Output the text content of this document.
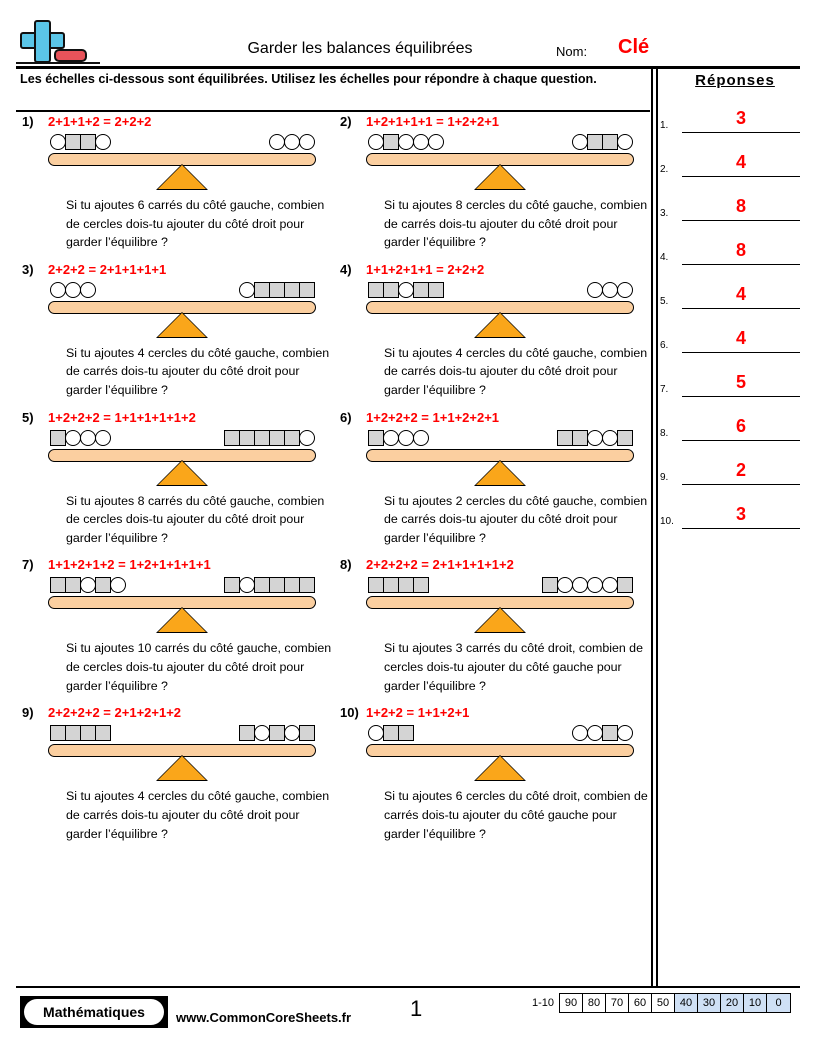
Garder les balances équilibrées	Nom: Clé
Les échelles ci-dessous sont équilibrées. Utilisez les échelles pour répondre à chaque question.	Réponses
1.	3
2.	4
3.	8
4.	8
5.	4
6.	4
7.	5
8.	6
9.	2
10.	3
1)	2+1+1+2 = 2+2+2
Si tu ajoutes 6 carrés du côté gauche, combien de cercles dois-tu ajouter du côté droit pour garder l’équilibre ?
2)	1+2+1+1+1 = 1+2+2+1
Si tu ajoutes 8 cercles du côté gauche, combien de carrés dois-tu ajouter du côté droit pour garder l’équilibre ?
3)	2+2+2 = 2+1+1+1+1
Si tu ajoutes 4 cercles du côté gauche, combien de carrés dois-tu ajouter du côté droit pour garder l’équilibre ?
4)	1+1+2+1+1 = 2+2+2
Si tu ajoutes 4 cercles du côté gauche, combien de carrés dois-tu ajouter du côté droit pour garder l’équilibre ?
5)	1+2+2+2 = 1+1+1+1+1+2
Si tu ajoutes 8 carrés du côté gauche, combien de cercles dois-tu ajouter du côté droit pour garder l’équilibre ?
6)	1+2+2+2 = 1+1+2+2+1
Si tu ajoutes 2 cercles du côté gauche, combien de carrés dois-tu ajouter du côté droit pour garder l’équilibre ?
7)	1+1+2+1+2 = 1+2+1+1+1+1
Si tu ajoutes 10 carrés du côté gauche, combien de cercles dois-tu ajouter du côté droit pour garder l’équilibre ?
8)	2+2+2+2 = 2+1+1+1+1+2
Si tu ajoutes 3 carrés du côté droit, combien de cercles dois-tu ajouter du côté gauche pour garder l’équilibre ?
9)	2+2+2+2 = 2+1+2+1+2
Si tu ajoutes 4 cercles du côté gauche, combien de carrés dois-tu ajouter du côté droit pour garder l’équilibre ?
10) 1+2+2 = 1+1+2+1
Si tu ajoutes 6 cercles du côté droit, combien de carrés dois-tu ajouter du côté gauche pour garder l’équilibre ?
Mathématiques	www.CommonCoreSheets.fr	1	1-10 90 80 70 60 50 40 30 20 10	0
